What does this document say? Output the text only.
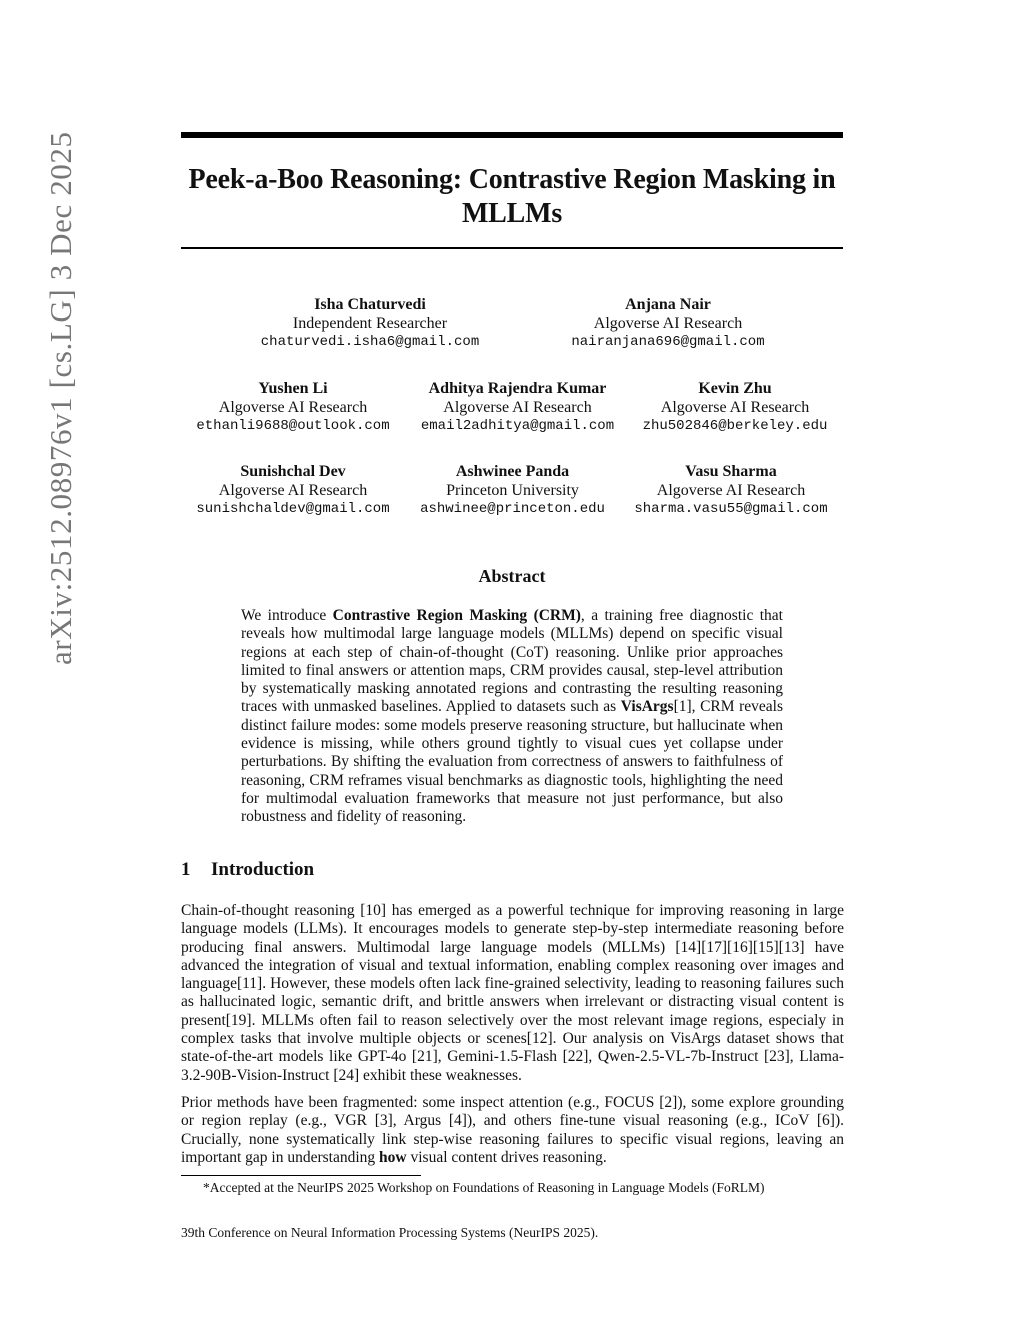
arXiv:2512.08976v1 [cs.LG] 3 Dec 2025	Peek-a-Boo Reasoning: Contrastive Region Masking in MLLMs
Isha Chaturvedi
Independent Researcher
chaturvedi.isha6@gmail.com
Anjana Nair
Algoverse AI Research
nairanjana696@gmail.com
Yushen Li
Algoverse AI Research
ethanli9688@outlook.com
Adhitya Rajendra Kumar
Algoverse AI Research
email2adhitya@gmail.com
Kevin Zhu
Algoverse AI Research
zhu502846@berkeley.edu
Sunishchal Dev
Algoverse AI Research
sunishchaldev@gmail.com
Ashwinee Panda
Princeton University
ashwinee@princeton.edu
Vasu Sharma
Algoverse AI Research
sharma.vasu55@gmail.com
Abstract
We introduce Contrastive Region Masking (CRM), a training free diagnostic that reveals how multimodal large language models (MLLMs) depend on specific visual regions at each step of chain-of-thought (CoT) reasoning. Unlike prior approaches limited to final answers or attention maps, CRM provides causal, step-level attribution by systematically masking annotated regions and contrasting the resulting reasoning traces with unmasked baselines. Applied to datasets such as VisArgs[1], CRM reveals distinct failure modes: some models preserve reasoning structure, but hallucinate when evidence is missing, while others ground tightly to visual cues yet collapse under perturbations. By shifting the evaluation from correctness of answers to faithfulness of reasoning, CRM reframes visual benchmarks as diagnostic tools, highlighting the need for multimodal evaluation frameworks that measure not just performance, but also robustness and fidelity of reasoning.
1 Introduction
Chain-of-thought reasoning [10] has emerged as a powerful technique for improving reasoning in large language models (LLMs). It encourages models to generate step-by-step intermediate reasoning before producing final answers. Multimodal large language models (MLLMs) [14][17][16][15][13] have advanced the integration of visual and textual information, enabling complex reasoning over images and language[11]. However, these models often lack fine-grained selectivity, leading to reasoning failures such as hallucinated logic, semantic drift, and brittle answers when irrelevant or distracting visual content is present[19]. MLLMs often fail to reason selectively over the most relevant image regions, especialy in complex tasks that involve multiple objects or scenes[12]. Our analysis on VisArgs dataset shows that state-of-the-art models like GPT-4o [21], Gemini-1.5-Flash [22], Qwen-2.5-VL-7b-Instruct [23], Llama-3.2-90B-Vision-Instruct [24] exhibit these weaknesses.
Prior methods have been fragmented: some inspect attention (e.g., FOCUS [2]), some explore grounding or region replay (e.g., VGR [3], Argus [4]), and others fine-tune visual reasoning (e.g., ICoV [6]). Crucially, none systematically link step-wise reasoning failures to specific visual regions, leaving an important gap in understanding how visual content drives reasoning.
*Accepted at the NeurIPS 2025 Workshop on Foundations of Reasoning in Language Models (FoRLM)
39th Conference on Neural Information Processing Systems (NeurIPS 2025).
